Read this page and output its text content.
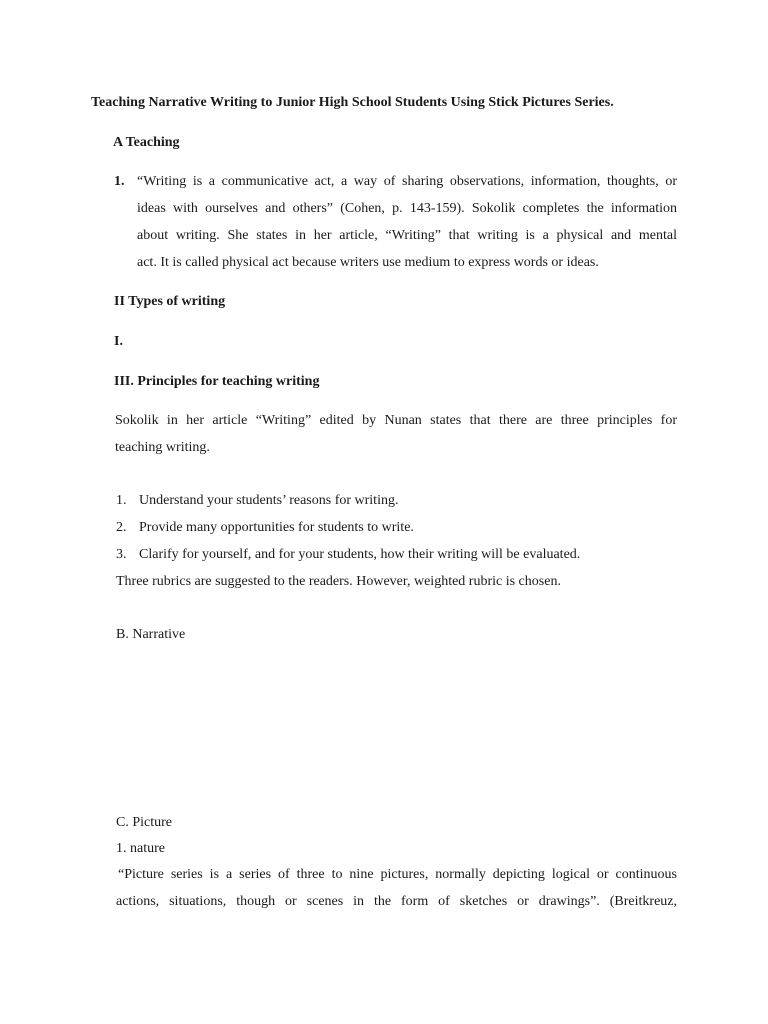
Teaching Narrative Writing to Junior High School Students Using Stick Pictures Series.
A Teaching
1. “Writing is a communicative act, a way of sharing observations, information, thoughts, or
ideas with ourselves and others” (Cohen, p. 143-159). Sokolik completes the information
about writing. She states in her article, “Writing” that writing is a physical and mental
act. It is called physical act because writers use medium to express words or ideas.
II Types of writing
I.
III. Principles for teaching writing
Sokolik in her article “Writing” edited by Nunan states that there are three principles for
teaching writing.
1. Understand your students’ reasons for writing.
2. Provide many opportunities for students to write.
3. Clarify for yourself, and for your students, how their writing will be evaluated.
Three rubrics are suggested to the readers. However, weighted rubric is chosen.
B. Narrative
C. Picture
1. nature
“Picture series is a series of three to nine pictures, normally depicting logical or continuous
actions, situations, though or scenes in the form of sketches or drawings”. (Breitkreuz,
